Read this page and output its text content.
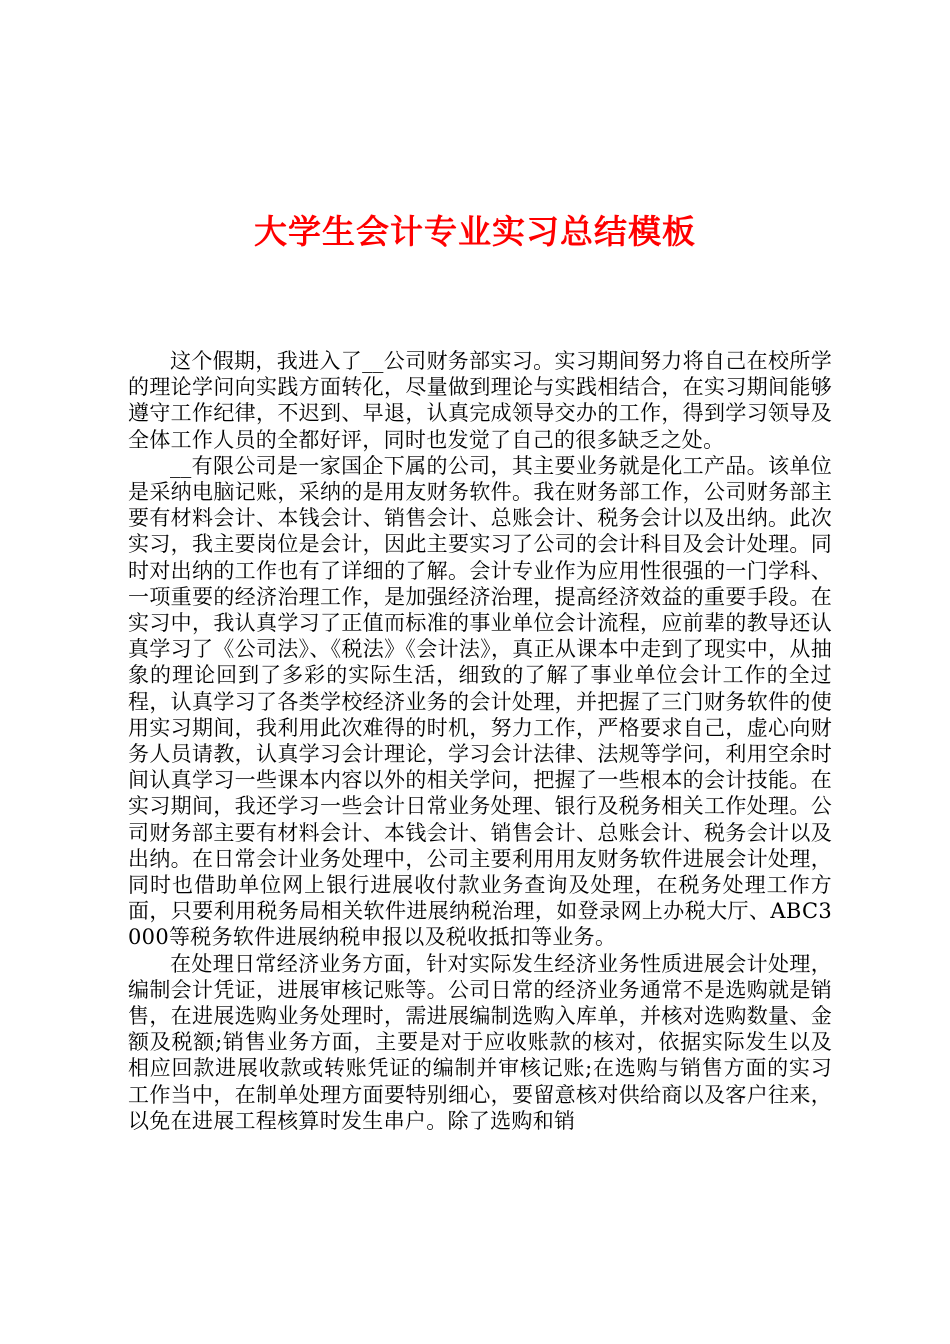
大学生会计专业实习总结模板

这个假期，我进入了__公司财务部实习。实习期间努力将自己在校所学的理论学问向实践方面转化，尽量做到理论与实践相结合，在实习期间能够遵守工作纪律，不迟到、早退，认真完成领导交办的工作，得到学习领导及全体工作人员的全都好评，同时也发觉了自己的很多缺乏之处。

__有限公司是一家国企下属的公司，其主要业务就是化工产品。该单位是采纳电脑记账，采纳的是用友财务软件。我在财务部工作，公司财务部主要有材料会计、本钱会计、销售会计、总账会计、税务会计以及出纳。此次实习，我主要岗位是会计，因此主要实习了公司的会计科目及会计处理。同时对出纳的工作也有了详细的了解。会计专业作为应用性很强的一门学科、一项重要的经济治理工作，是加强经济治理，提高经济效益的重要手段。在实习中，我认真学习了正值而标准的事业单位会计流程，应前辈的教导还认真学习了《公司法》、《税法》《会计法》，真正从课本中走到了现实中，从抽象的理论回到了多彩的实际生活，细致的了解了事业单位会计工作的全过程，认真学习了各类学校经济业务的会计处理，并把握了三门财务软件的使用实习期间，我利用此次难得的时机，努力工作，严格要求自己，虚心向财务人员请教，认真学习会计理论，学习会计法律、法规等学问，利用空余时间认真学习一些课本内容以外的相关学问，把握了一些根本的会计技能。在实习期间，我还学习一些会计日常业务处理、银行及税务相关工作处理。公司财务部主要有材料会计、本钱会计、销售会计、总账会计、税务会计以及出纳。在日常会计业务处理中，公司主要利用用友财务软件进展会计处理，同时也借助单位网上银行进展收付款业务查询及处理，在税务处理工作方面，只要利用税务局相关软件进展纳税治理，如登录网上办税大厅、ABC3000等税务软件进展纳税申报以及税收抵扣等业务。

在处理日常经济业务方面，针对实际发生经济业务性质进展会计处理，编制会计凭证，进展审核记账等。公司日常的经济业务通常不是选购就是销售，在进展选购业务处理时，需进展编制选购入库单，并核对选购数量、金额及税额;销售业务方面，主要是对于应收账款的核对，依据实际发生以及相应回款进展收款或转账凭证的编制并审核记账;在选购与销售方面的实习工作当中，在制单处理方面要特别细心，要留意核对供给商以及客户往来，以免在进展工程核算时发生串户。除了选购和销
